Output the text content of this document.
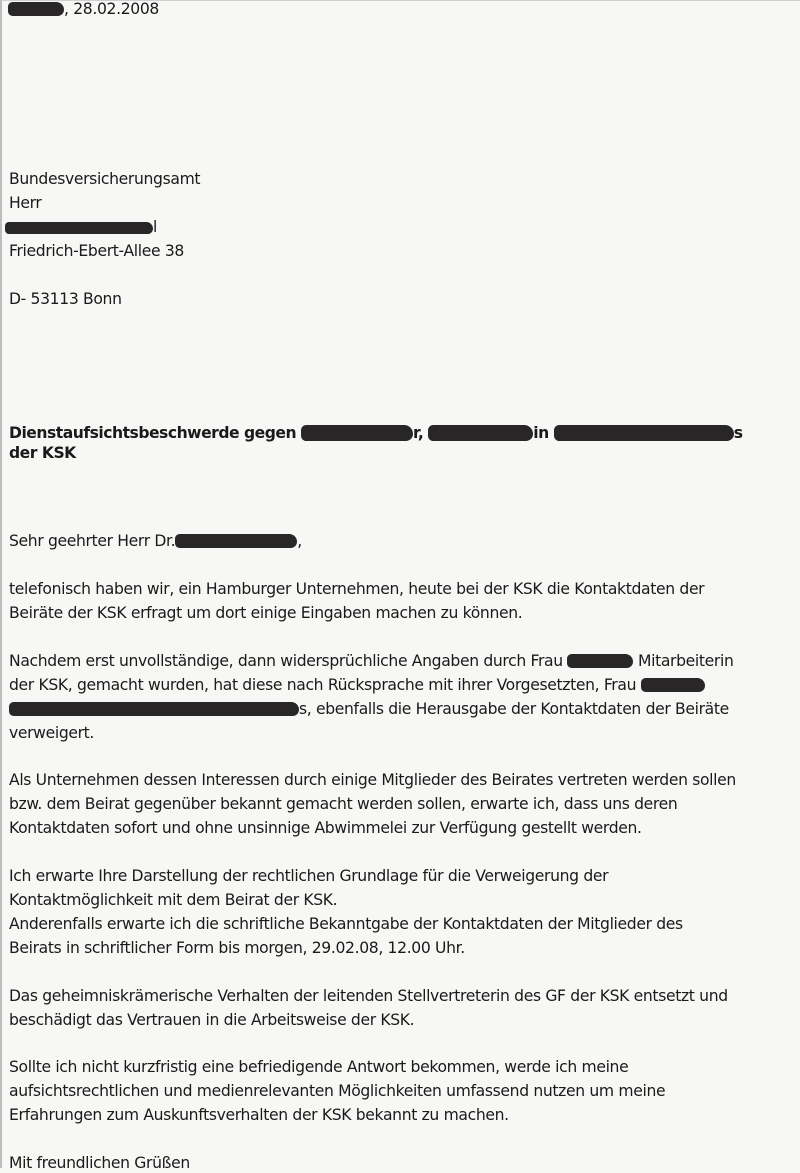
, 28.02.2008
Bundesversicherungsamt
Herr
l
Friedrich-Ebert-Allee 38
D- 53113 Bonn
Dienstaufsichtsbeschwerde gegen	r,	in	s
der KSK
Sehr geehrter Herr Dr.	,
telefonisch haben wir, ein Hamburger Unternehmen, heute bei der KSK die Kontaktdaten der
Beiräte der KSK erfragt um dort einige Eingaben machen zu können.
Nachdem erst unvollständige, dann widersprüchliche Angaben durch Frau	Mitarbeiterin
der KSK, gemacht wurden, hat diese nach Rücksprache mit ihrer Vorgesetzten, Frau
s, ebenfalls die Herausgabe der Kontaktdaten der Beiräte
verweigert.
Als Unternehmen dessen Interessen durch einige Mitglieder des Beirates vertreten werden sollen
bzw. dem Beirat gegenüber bekannt gemacht werden sollen, erwarte ich, dass uns deren
Kontaktdaten sofort und ohne unsinnige Abwimmelei zur Verfügung gestellt werden.
Ich erwarte Ihre Darstellung der rechtlichen Grundlage für die Verweigerung der
Kontaktmöglichkeit mit dem Beirat der KSK.
Anderenfalls erwarte ich die schriftliche Bekanntgabe der Kontaktdaten der Mitglieder des
Beirats in schriftlicher Form bis morgen, 29.02.08, 12.00 Uhr.
Das geheimniskrämerische Verhalten der leitenden Stellvertreterin des GF der KSK entsetzt und
beschädigt das Vertrauen in die Arbeitsweise der KSK.
Sollte ich nicht kurzfristig eine befriedigende Antwort bekommen, werde ich meine
aufsichtsrechtlichen und medienrelevanten Möglichkeiten umfassend nutzen um meine
Erfahrungen zum Auskunftsverhalten der KSK bekannt zu machen.
Mit freundlichen Grüßen
